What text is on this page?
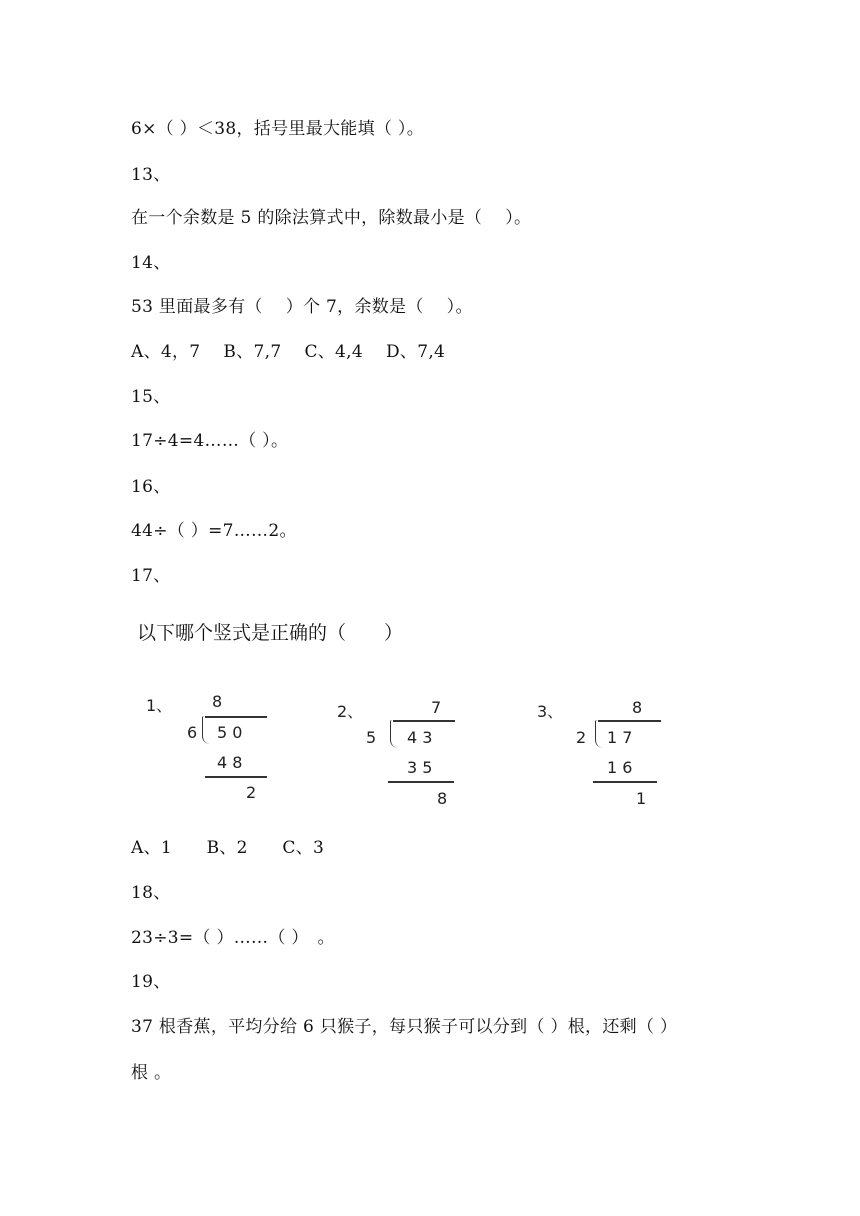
6×（ ）＜38，括号里最大能填（ ）。
13、
在一个余数是 5 的除法算式中，除数最小是（　 ）。
14、
53 里面最多有（　 ）个 7，余数是（　 ）。
A、4，7　 B、7,7　 C、4,4　 D、7,4
15、
17÷4=4……（ ）。
16、
44÷（ ）=7……2。
17、
以下哪个竖式是正确的（　　）
1、 8
6 5 0
4 8
2
2、	7
5 4 3
3 5
8
3、	8
2 1 7
1 6
1
A、1　　B、2　　C、3
18、
23÷3=（ ）……（ ）　。
19、
37 根香蕉，平均分给 6 只猴子，每只猴子可以分到（ ）根，还剩（ ）
根 。
